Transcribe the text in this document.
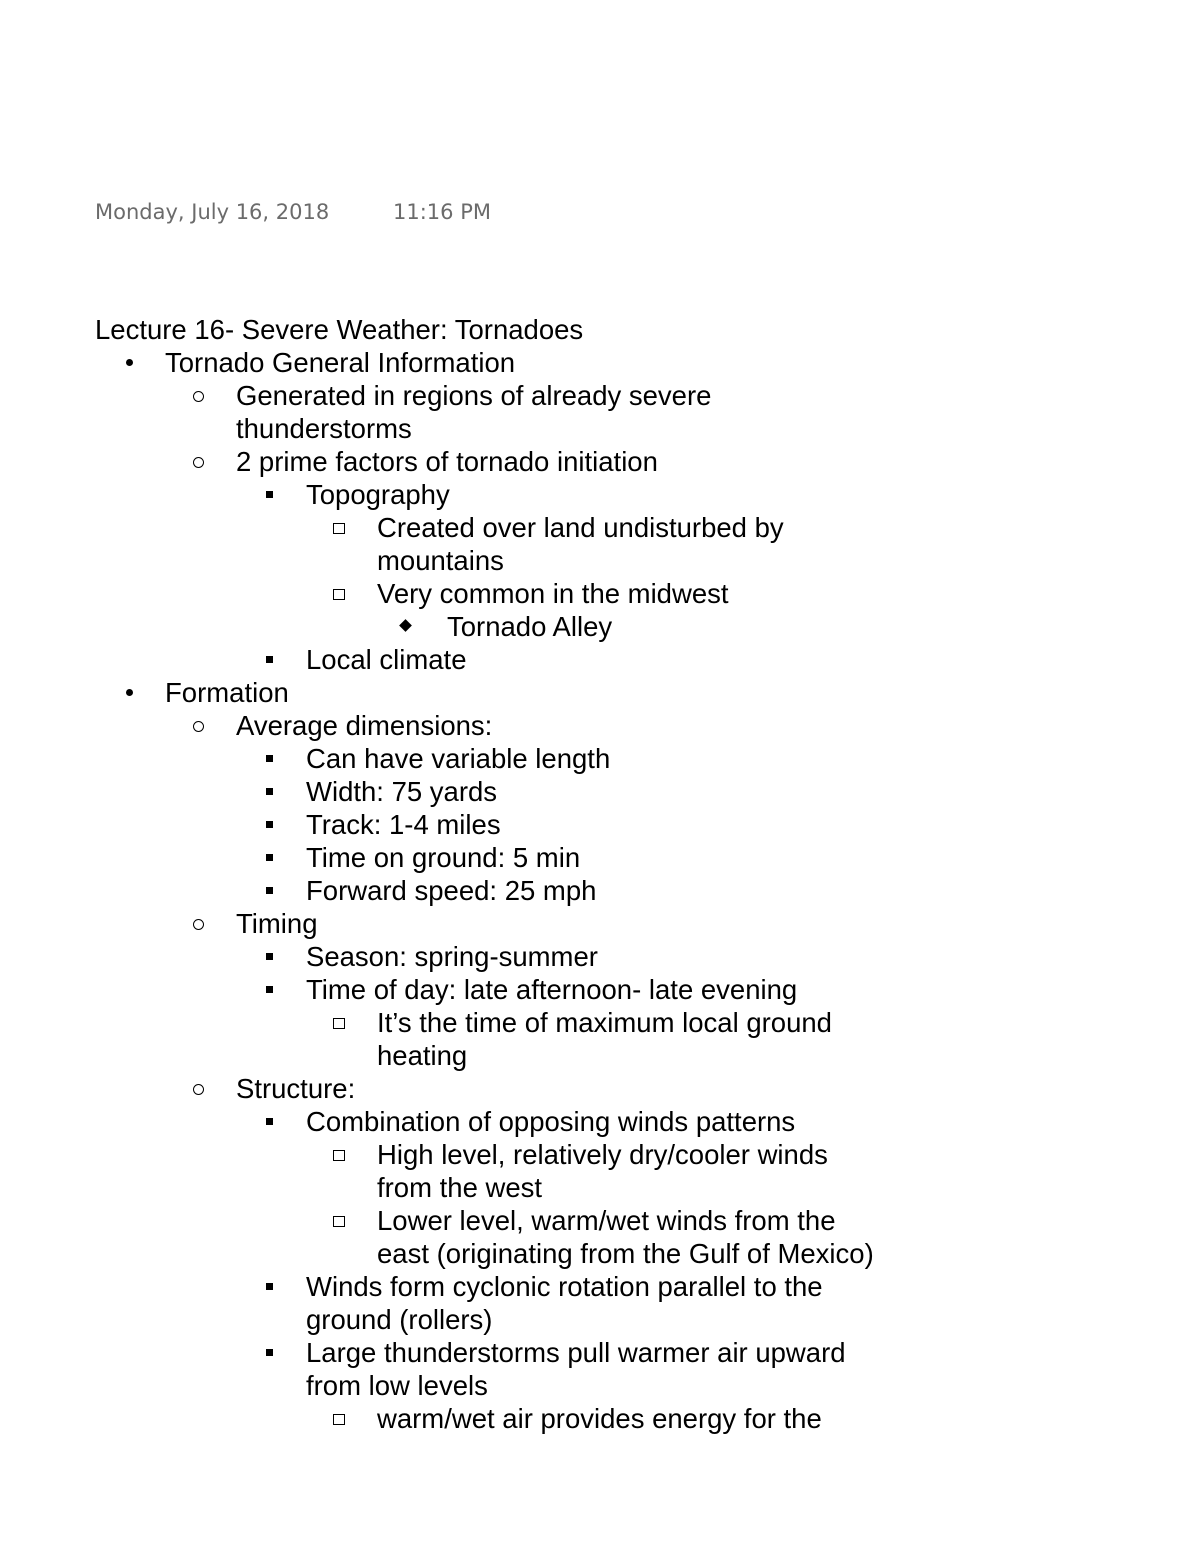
Monday, July 16, 2018	11:16 PM
Lecture 16- Severe Weather: Tornadoes
Tornado General Information
Generated in regions of already severe
thunderstorms
2 prime factors of tornado initiation
Topography
Created over land undisturbed by
mountains
Very common in the midwest
Tornado Alley
Local climate
Formation
Average dimensions:
Can have variable length
Width: 75 yards
Track: 1-4 miles
Time on ground: 5 min
Forward speed: 25 mph
Timing
Season: spring-summer
Time of day: late afternoon- late evening
It’s the time of maximum local ground
heating
Structure:
Combination of opposing winds patterns
High level, relatively dry/cooler winds
from the west
Lower level, warm/wet winds from the
east (originating from the Gulf of Mexico)
Winds form cyclonic rotation parallel to the
ground (rollers)
Large thunderstorms pull warmer air upward
from low levels
warm/wet air provides energy for the
